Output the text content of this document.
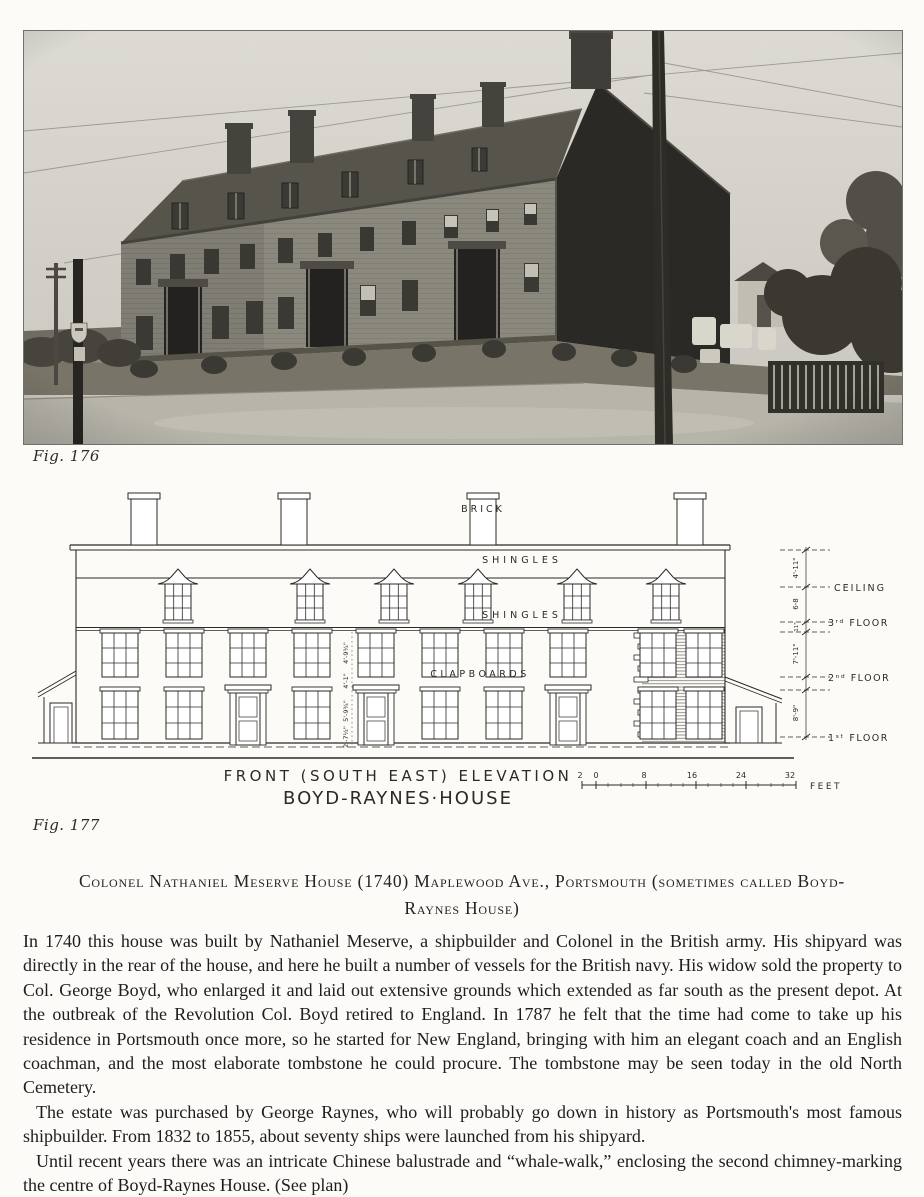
Fig. 176
BRICK
SHINGLES
SHINGLES
CLAPBOARDS
4'-9¾"
4'-1"
5'-9¾"
2'-7½"
4'-11"
6-8
11"
7'-11"
8'-9"
CEILING
3ʳᵈ FLOOR
2ⁿᵈ FLOOR
1ˢᵗ FLOOR
FRONT (SOUTH EAST) ELEVATION
BOYD-RAYNES·HOUSE
2 0	8	16	24	32
FEET
Fig. 177
Colonel Nathaniel Meserve House (1740) Maplewood Ave., Portsmouth (sometimes called Boyd-
Raynes House)

In 1740 this house was built by Nathaniel Meserve, a shipbuilder and Colonel in the British army. His shipyard was directly in the rear of the house, and here he built a number of vessels for the British navy. His widow sold the property to Col. George Boyd, who enlarged it and laid out extensive grounds which extended as far south as the present depot. At the outbreak of the Revolution Col. Boyd retired to England. In 1787 he felt that the time had come to take up his residence in Portsmouth once more, so he started for New England, bringing with him an elegant coach and an English coachman, and the most elaborate tombstone he could procure. The tombstone may be seen today in the old North Cemetery.

The estate was purchased by George Raynes, who will probably go down in history as Portsmouth's most famous shipbuilder. From 1832 to 1855, about seventy ships were launched from his shipyard.

Until recent years there was an intricate Chinese balustrade and “whale-walk,” enclosing the second chimney-marking the centre of Boyd-Raynes House. (See plan)
